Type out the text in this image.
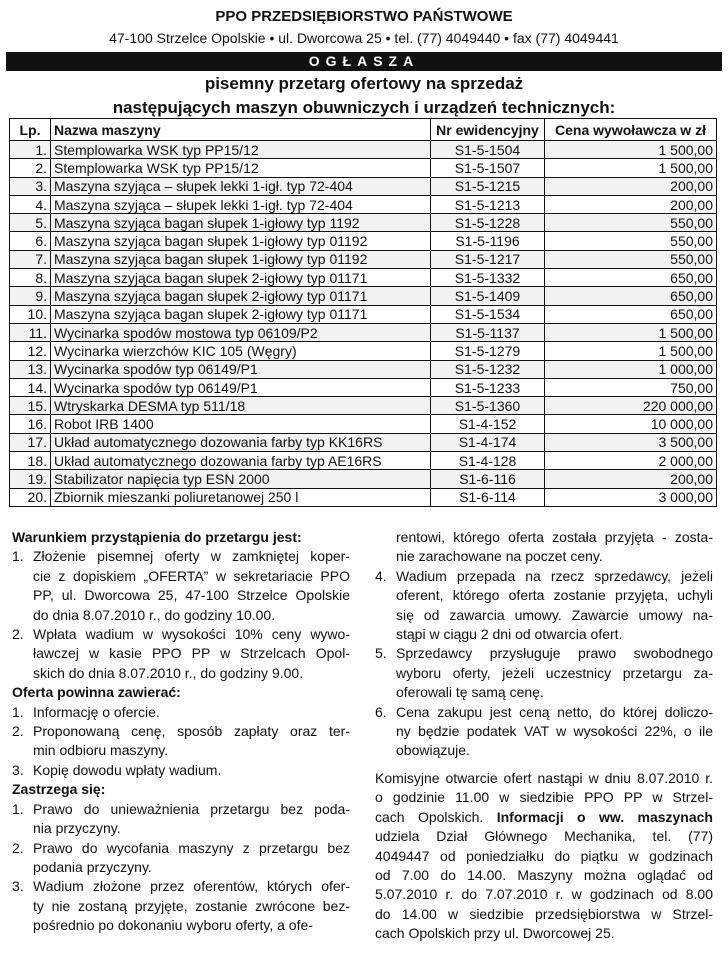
PPO PRZEDSIĘBIORSTWO PAŃSTWOWE
47-100 Strzelce Opolskie • ul. Dworcowa 25 • tel. (77) 4049440 • fax (77) 4049441
OGŁASZA
pisemny przetarg ofertowy na sprzedaż
następujących maszyn obuwniczych i urządzeń technicznych:
Lp.	Nazwa maszyny	Nr ewidencyjny	Cena wywoławcza w zł
1.	Stemplowarka WSK typ PP15/12	S1-5-1504	1 500,00
2.	Stemplowarka WSK typ PP15/12	S1-5-1507	1 500,00
3.	Maszyna szyjąca – słupek lekki 1-igł. typ 72-404	S1-5-1215	200,00
4.	Maszyna szyjąca – słupek lekki 1-igł. typ 72-404	S1-5-1213	200,00
5.	Maszyna szyjąca bagan słupek 1-igłowy typ 1192	S1-5-1228	550,00
6.	Maszyna szyjąca bagan słupek 1-igłowy typ 01192	S1-5-1196	550,00
7.	Maszyna szyjąca bagan słupek 1-igłowy typ 01192	S1-5-1217	550,00
8.	Maszyna szyjąca bagan słupek 2-igłowy typ 01171	S1-5-1332	650,00
9.	Maszyna szyjąca bagan słupek 2-igłowy typ 01171	S1-5-1409	650,00
10.	Maszyna szyjąca bagan słupek 2-igłowy typ 01171	S1-5-1534	650,00
11.	Wycinarka spodów mostowa typ 06109/P2	S1-5-1137	1 500,00
12.	Wycinarka wierzchów KIC 105 (Węgry)	S1-5-1279	1 500,00
13.	Wycinarka spodów typ 06149/P1	S1-5-1232	1 000,00
14.	Wycinarka spodów typ 06149/P1	S1-5-1233	750,00
15.	Wtryskarka DESMA typ 511/18	S1-5-1360	220 000,00
16.	Robot IRB 1400	S1-4-152	10 000,00
17.	Układ automatycznego dozowania farby typ KK16RS	S1-4-174	3 500,00
18.	Układ automatycznego dozowania farby typ AE16RS	S1-4-128	2 000,00
19.	Stabilizator napięcia typ ESN 2000	S1-6-116	200,00
20.	Zbiornik mieszanki poliuretanowej 250 l	S1-6-114	3 000,00
Warunkiem przystąpienia do przetargu jest:
1. Złożenie pisemnej oferty w zamkniętej koper-
cie z dopiskiem „OFERTA” w sekretariacie PPO
PP, ul. Dworcowa 25, 47-100 Strzelce Opolskie
do dnia 8.07.2010 r., do godziny 10.00.
2. Wpłata wadium w wysokości 10% ceny wywo-
ławczej w kasie PPO PP w Strzelcach Opol-
skich do dnia 8.07.2010 r., do godziny 9.00.
Oferta powinna zawierać:
1. Informację o ofercie.
2. Proponowaną cenę, sposób zapłaty oraz ter-
min odbioru maszyny.
3. Kopię dowodu wpłaty wadium.
Zastrzega się:
1. Prawo do unieważnienia przetargu bez poda-
nia przyczyny.
2. Prawo do wycofania maszyny z przetargu bez
podania przyczyny.
3. Wadium złożone przez oferentów, których ofer-
ty nie zostaną przyjęte, zostanie zwrócone bez-
pośrednio po dokonaniu wyboru oferty, a ofe-
rentowi, którego oferta została przyjęta - zosta-
nie zarachowane na poczet ceny.
4. Wadium przepada na rzecz sprzedawcy, jeżeli
oferent, którego oferta zostanie przyjęta, uchyli
się od zawarcia umowy. Zawarcie umowy na-
stąpi w ciągu 2 dni od otwarcia ofert.
5. Sprzedawcy przysługuje prawo swobodnego
wyboru oferty, jeżeli uczestnicy przetargu za-
oferowali tę samą cenę.
6. Cena zakupu jest ceną netto, do której doliczo-
ny będzie podatek VAT w wysokości 22%, o ile
obowiązuje.
Komisyjne otwarcie ofert nastąpi w dniu 8.07.2010 r.
o godzinie 11.00 w siedzibie PPO PP w Strzel-
cach Opolskich. Informacji o ww. maszynach
udziela Dział Głównego Mechanika, tel. (77)
4049447 od poniedziałku do piątku w godzinach
od 7.00 do 14.00. Maszyny można oglądać od
5.07.2010 r. do 7.07.2010 r. w godzinach od 8.00
do 14.00 w siedzibie przedsiębiorstwa w Strzel-
cach Opolskich przy ul. Dworcowej 25.
